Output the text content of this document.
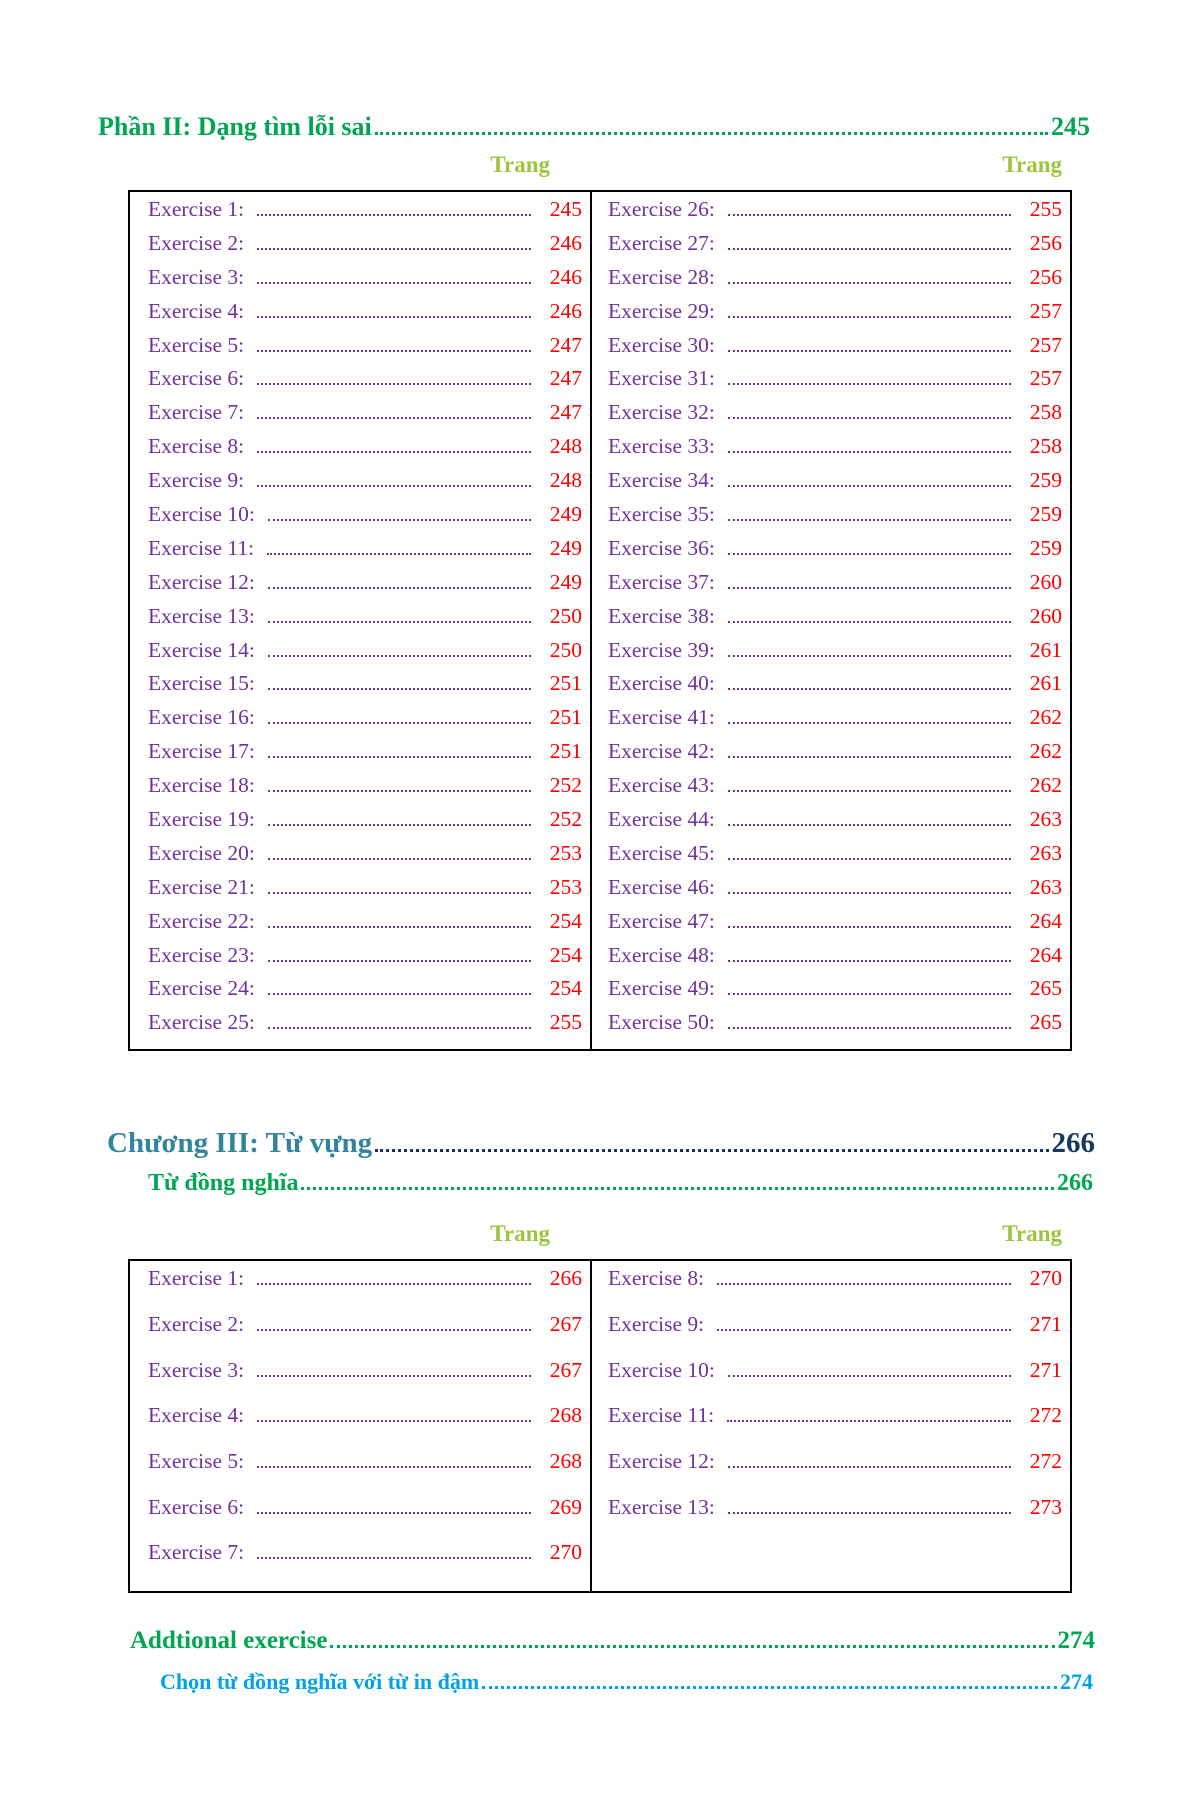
Phần II: Dạng tìm lỗi sai	245
Trang	Trang
Exercise 1:	245
Exercise 2:	246
Exercise 3:	246
Exercise 4:	246
Exercise 5:	247
Exercise 6:	247
Exercise 7:	247
Exercise 8:	248
Exercise 9:	248
Exercise 10:	249
Exercise 11:	249
Exercise 12:	249
Exercise 13:	250
Exercise 14:	250
Exercise 15:	251
Exercise 16:	251
Exercise 17:	251
Exercise 18:	252
Exercise 19:	252
Exercise 20:	253
Exercise 21:	253
Exercise 22:	254
Exercise 23:	254
Exercise 24:	254
Exercise 25:	255
Exercise 26:	255
Exercise 27:	256
Exercise 28:	256
Exercise 29:	257
Exercise 30:	257
Exercise 31:	257
Exercise 32:	258
Exercise 33:	258
Exercise 34:	259
Exercise 35:	259
Exercise 36:	259
Exercise 37:	260
Exercise 38:	260
Exercise 39:	261
Exercise 40:	261
Exercise 41:	262
Exercise 42:	262
Exercise 43:	262
Exercise 44:	263
Exercise 45:	263
Exercise 46:	263
Exercise 47:	264
Exercise 48:	264
Exercise 49:	265
Exercise 50:	265
Chương III: Từ vựng	266
Từ đồng nghĩa	266
Trang	Trang
Exercise 1:	266
Exercise 2:	267
Exercise 3:	267
Exercise 4:	268
Exercise 5:	268
Exercise 6:	269
Exercise 7:	270
Exercise 8:	270
Exercise 9:	271
Exercise 10:	271
Exercise 11:	272
Exercise 12:	272
Exercise 13:	273
Addtional exercise	274
Chọn từ đồng nghĩa với từ in đậm	274
